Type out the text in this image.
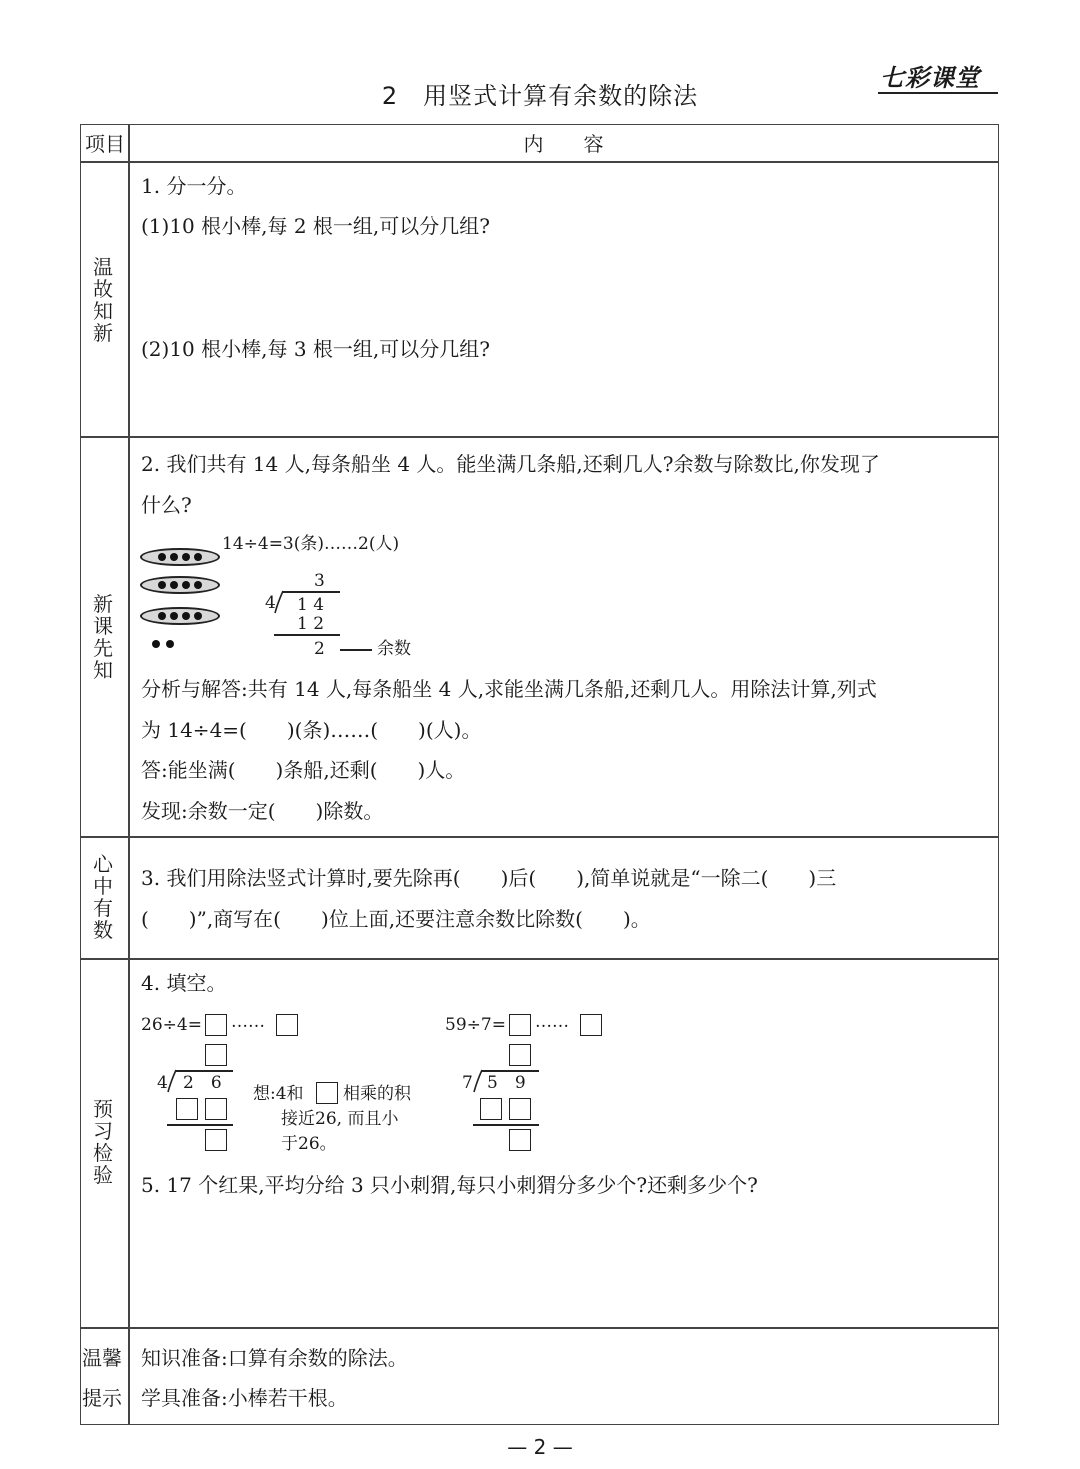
2　用竖式计算有余数的除法
七彩课堂
项目	内　　容
温
故
知
新
1. 分一分。
(1)10 根小棒,每 2 根一组,可以分几组?
(2)10 根小棒,每 3 根一组,可以分几组?
新
课
先
知
2. 我们共有 14 人,每条船坐 4 人。能坐满几条船,还剩几人?余数与除数比,你发现了
什么?
14÷4=3(条)……2(人)
3
4 1 4
1 2
2	余数
分析与解答:共有 14 人,每条船坐 4 人,求能坐满几条船,还剩几人。用除法计算,列式
为 14÷4=(　　)(条)……(　　)(人)。
答:能坐满(　　)条船,还剩(　　)人。
发现:余数一定(　　)除数。
心
中
有
数
3. 我们用除法竖式计算时,要先除再(　　)后(　　),简单说就是“一除二(　　)三
(　　)”,商写在(　　)位上面,还要注意余数比除数(　　)。
预
习
检
验
4. 填空。
26÷4= ……
4 2　6
想:4和 相乘的积
接近26, 而且小
于26。
59÷7= ……
7 5　9
5. 17 个红果,平均分给 3 只小刺猬,每只小刺猬分多少个?还剩多少个?
温馨
提示
知识准备:口算有余数的除法。
学具准备:小棒若干根。
— 2 —
